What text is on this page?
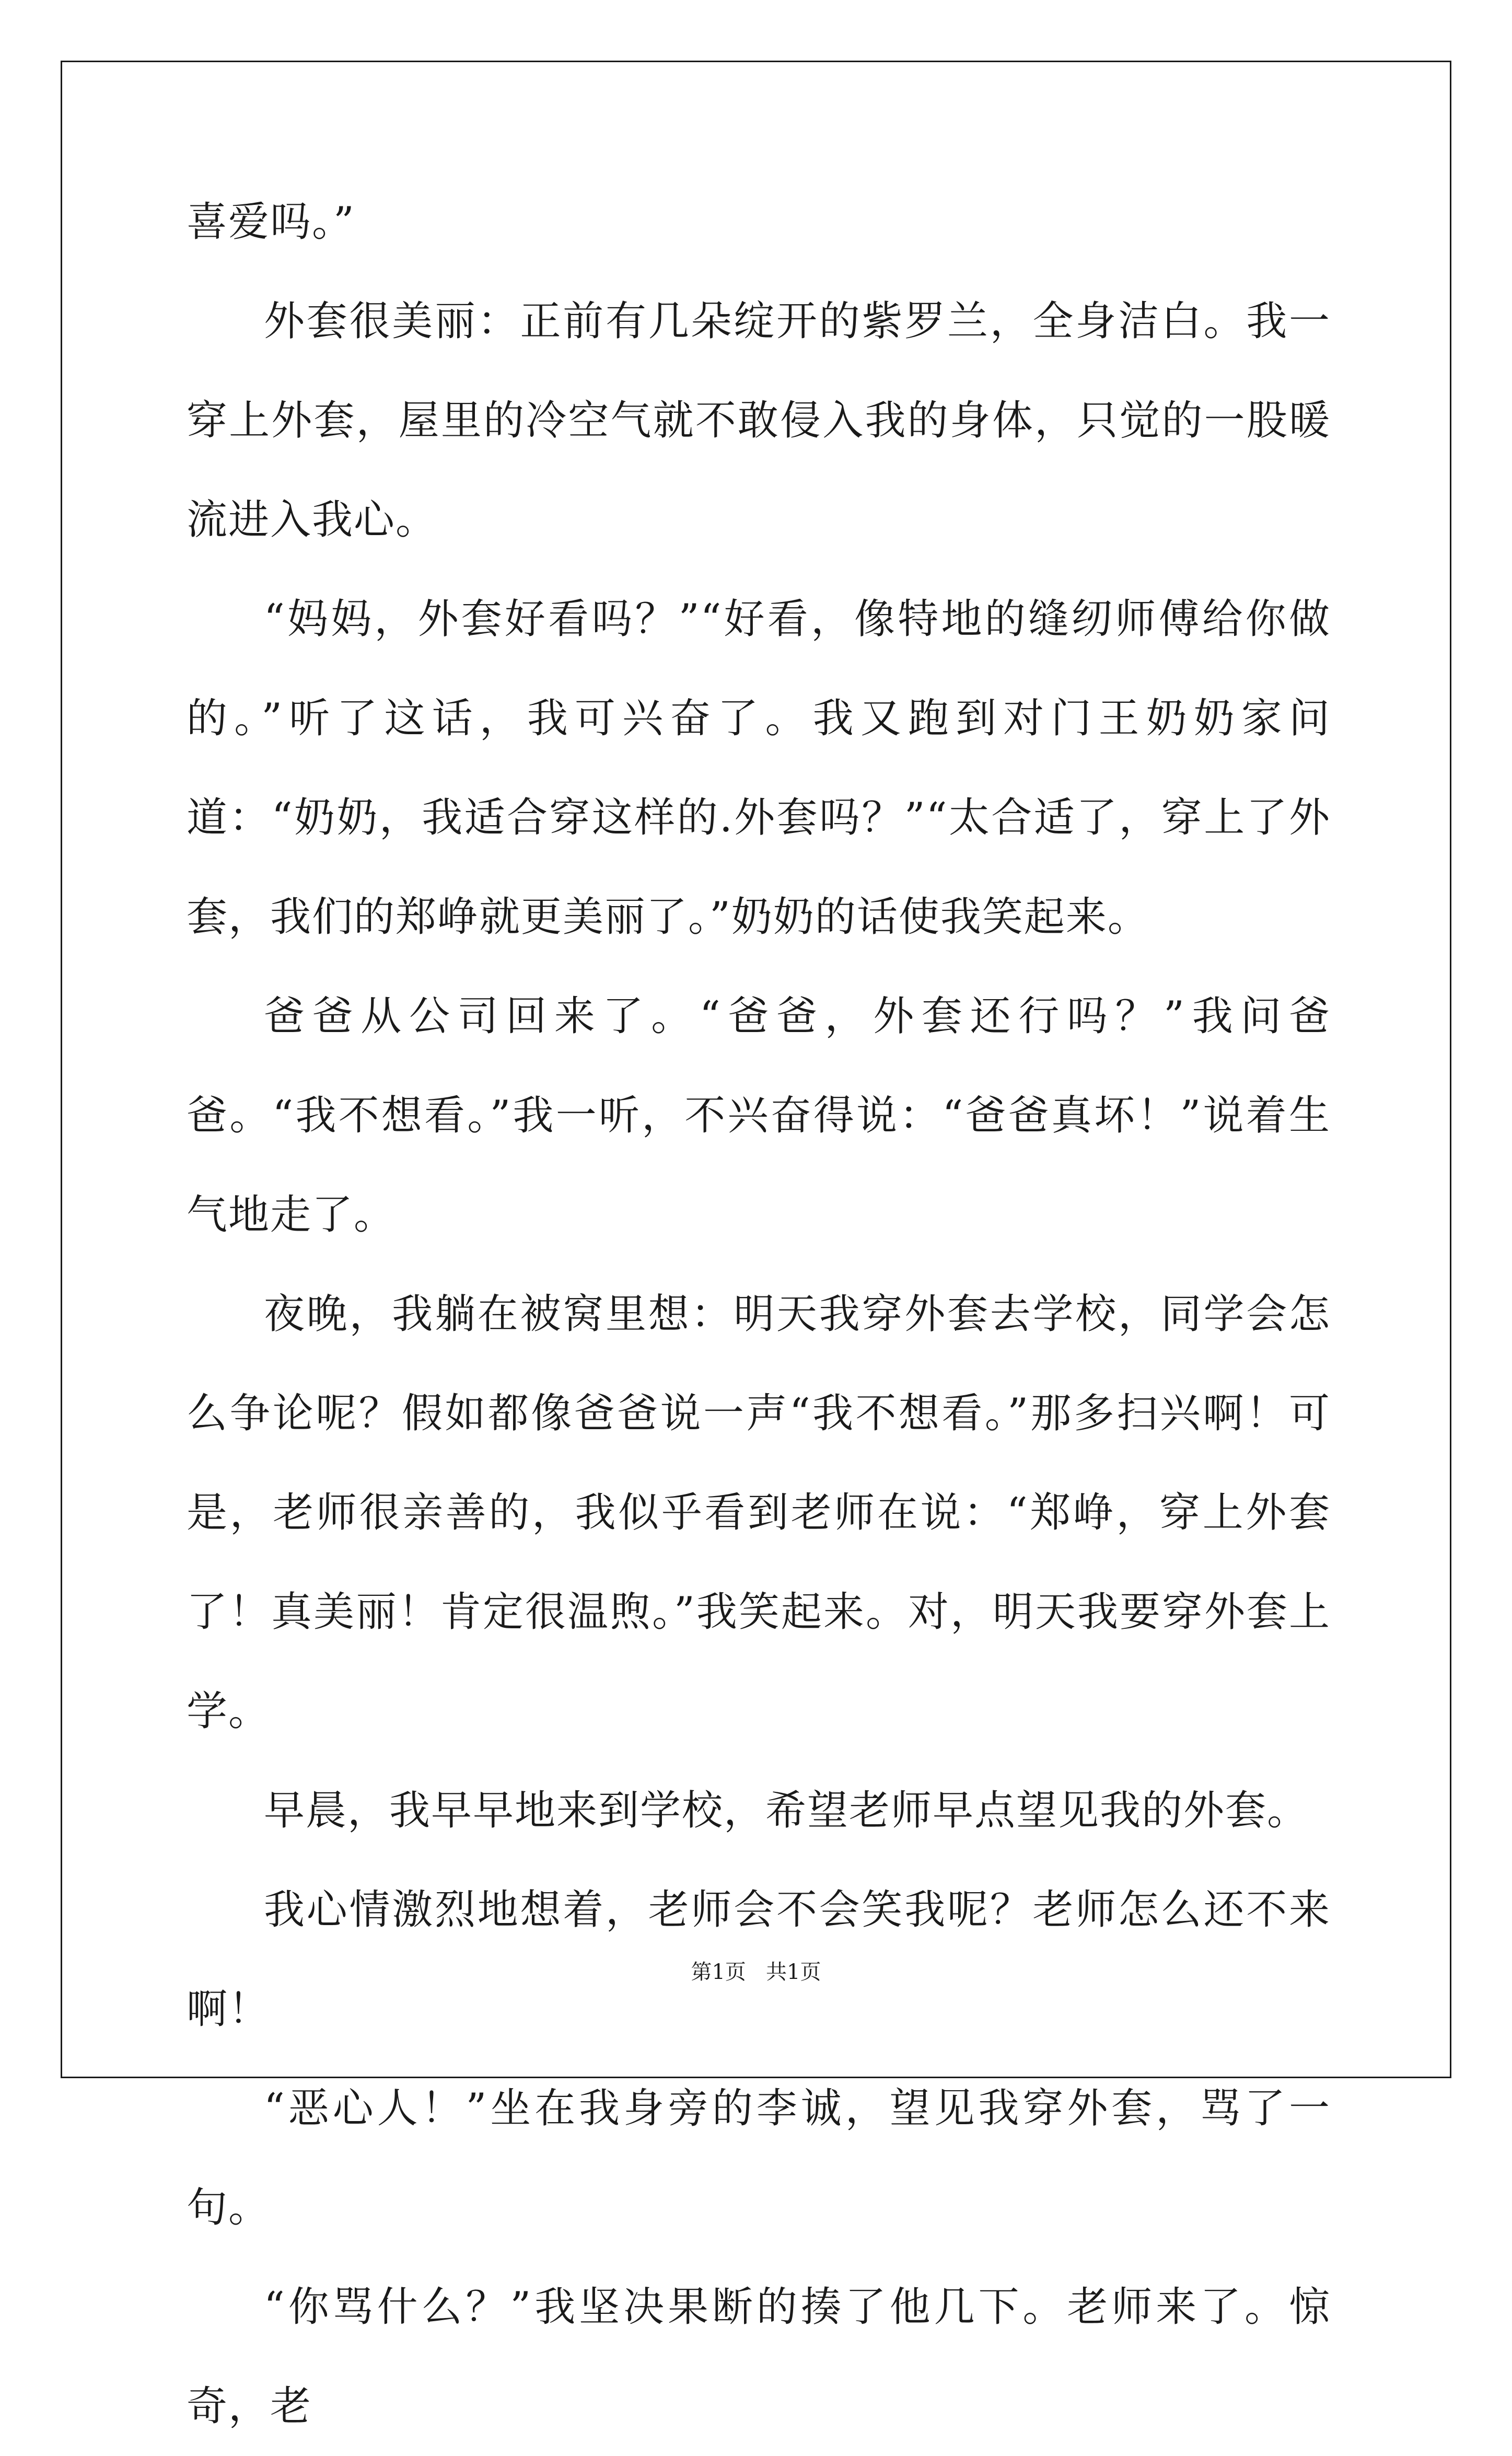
喜爱吗。”

外套很美丽：正前有几朵绽开的紫罗兰，全身洁白。我一穿上外套，屋里的冷空气就不敢侵入我的身体，只觉的一股暖流进入我心。

“妈妈，外套好看吗？”“好看，像特地的缝纫师傅给你做的。”听了这话，我可兴奋了。我又跑到对门王奶奶家问道：“奶奶，我适合穿这样的.外套吗？”“太合适了，穿上了外套，我们的郑峥就更美丽了。”奶奶的话使我笑起来。

爸爸从公司回来了。“爸爸，外套还行吗？”我问爸爸。“我不想看。”我一听，不兴奋得说：“爸爸真坏！”说着生气地走了。

夜晚，我躺在被窝里想：明天我穿外套去学校，同学会怎么争论呢？假如都像爸爸说一声“我不想看。”那多扫兴啊！可是，老师很亲善的，我似乎看到老师在说：“郑峥，穿上外套了！真美丽！肯定很温煦。”我笑起来。对，明天我要穿外套上学。

早晨，我早早地来到学校，希望老师早点望见我的外套。

我心情激烈地想着，老师会不会笑我呢？老师怎么还不来啊！

“恶心人！”坐在我身旁的李诚，望见我穿外套，骂了一句。

“你骂什么？”我坚决果断的揍了他几下。老师来了。惊奇，老

第1页   共1页
